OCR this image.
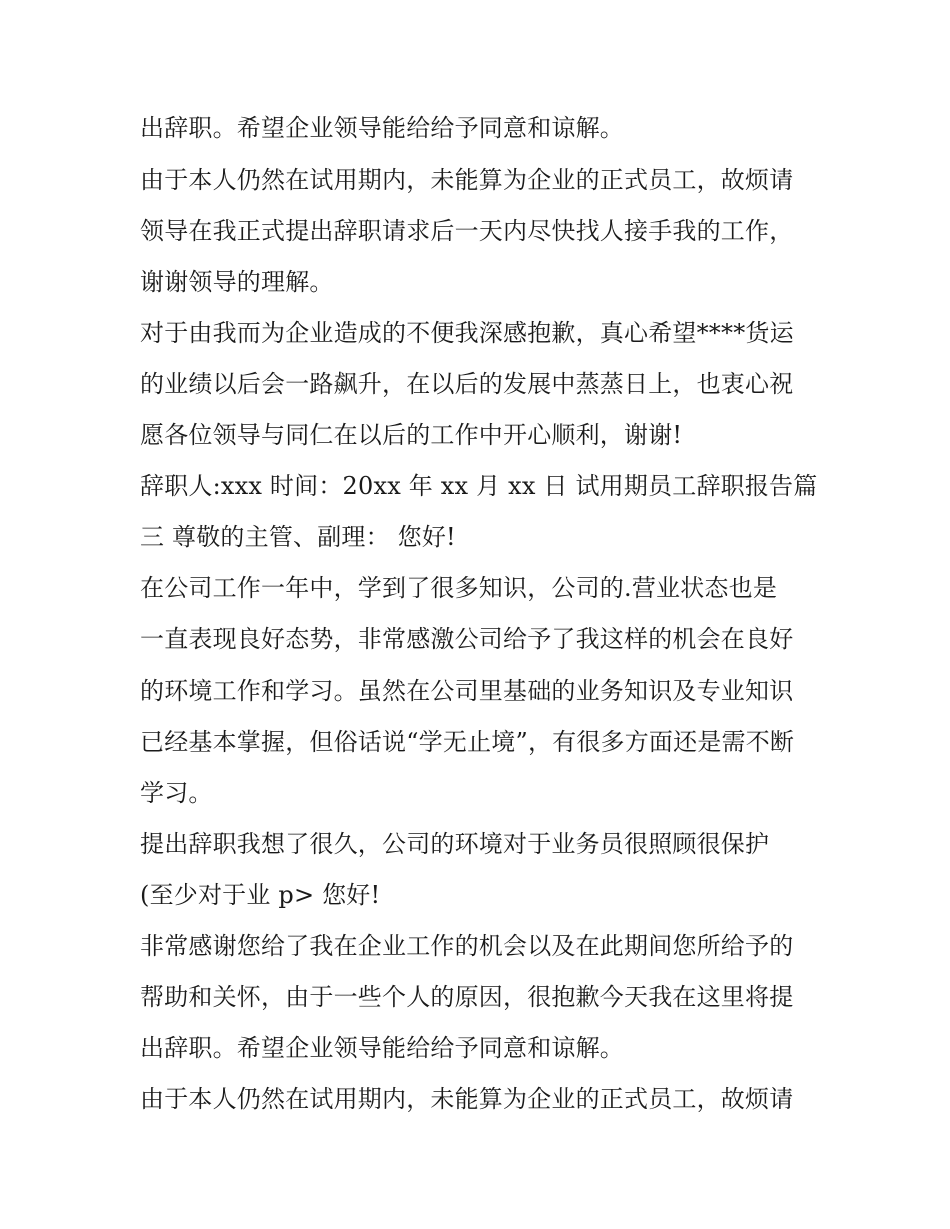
出辞职。希望企业领导能给给予同意和谅解。
由于本人仍然在试用期内，未能算为企业的正式员工，故烦请
领导在我正式提出辞职请求后一天内尽快找人接手我的工作，
谢谢领导的理解。
对于由我而为企业造成的不便我深感抱歉，真心希望****货运
的业绩以后会一路飙升，在以后的发展中蒸蒸日上，也衷心祝
愿各位领导与同仁在以后的工作中开心顺利，谢谢!
辞职人:xxx 时间：20xx 年 xx 月 xx 日 试用期员工辞职报告篇
三 尊敬的主管、副理： 您好!
在公司工作一年中，学到了很多知识，公司的.营业状态也是
一直表现良好态势，非常感激公司给予了我这样的机会在良好
的环境工作和学习。虽然在公司里基础的业务知识及专业知识
已经基本掌握，但俗话说“学无止境”，有很多方面还是需不断
学习。
提出辞职我想了很久，公司的环境对于业务员很照顾很保护
(至少对于业 p> 您好!
非常感谢您给了我在企业工作的机会以及在此期间您所给予的
帮助和关怀，由于一些个人的原因，很抱歉今天我在这里将提
出辞职。希望企业领导能给给予同意和谅解。
由于本人仍然在试用期内，未能算为企业的正式员工，故烦请
